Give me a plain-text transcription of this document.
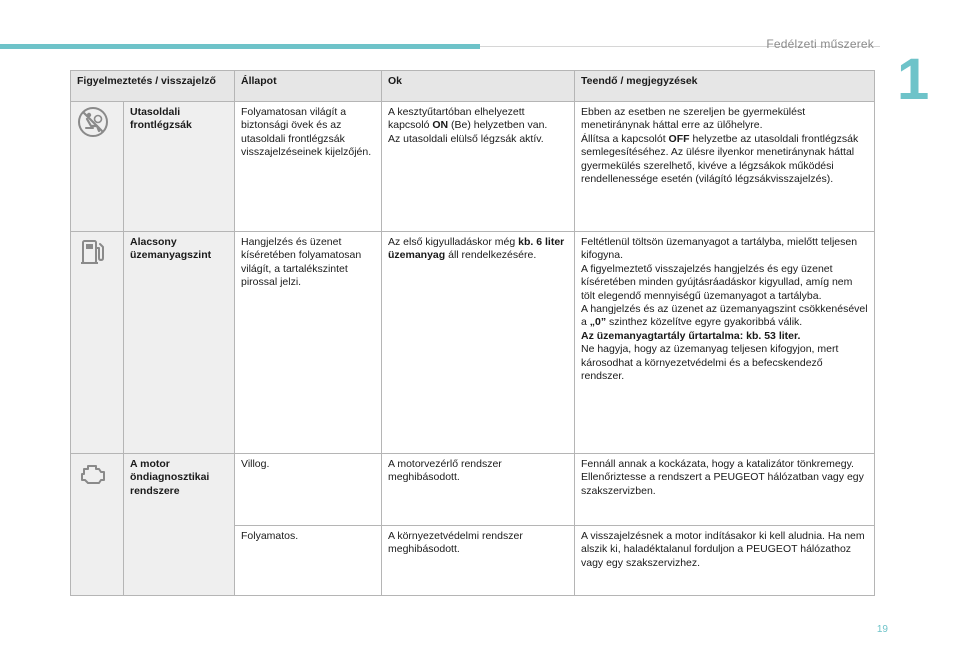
Fedélzeti műszerek
1
Figyelmeztetés / visszajelző		Állapot	Ok	Teendő / megjegyzések

	Utasoldali frontlégzsák	Folyamatosan világít a biztonsági övek és az utasoldali frontlégzsák visszajelzéseinek kijelzőjén.	A kesztyűtartóban elhelyezett kapcsoló ON (Be) helyzetben van.
Az utasoldali elülső légzsák aktív.	Ebben az esetben ne szereljen be gyermekülést menetiránynak háttal erre az ülőhelyre.
Állítsa a kapcsolót OFF helyzetbe az utasoldali frontlégzsák semlegesítéséhez. Az ülésre ilyenkor menetiránynak háttal gyermekülés szerelhető, kivéve a légzsákok működési rendellenessége esetén (világító légzsákvisszajelzés).

	Alacsony üzemanyagszint	Hangjelzés és üzenet kíséretében folyamatosan világít, a tartalékszintet pirossal jelzi.	Az első kigyulladáskor még kb. 6 liter üzemanyag áll rendelkezésére.	Feltétlenül töltsön üzemanyagot a tartályba, mielőtt teljesen kifogyna.
A figyelmeztető visszajelzés hangjelzés és egy üzenet kíséretében minden gyújtásráadáskor kigyullad, amíg nem tölt elegendő mennyiségű üzemanyagot a tartályba.
A hangjelzés és az üzenet az üzemanyagszint csökkenésével a „0” szinthez közelítve egyre gyakoribbá válik.
Az üzemanyagtartály űrtartalma: kb. 53 liter.
Ne hagyja, hogy az üzemanyag teljesen kifogyjon, mert károsodhat a környezetvédelmi és a befecskendező rendszer.

	A motor öndiagnosztikai rendszere	Villog.	A motorvezérlő rendszer meghibásodott.	Fennáll annak a kockázata, hogy a katalizátor tönkremegy.
Ellenőriztesse a rendszert a PEUGEOT hálózatban vagy egy szakszervizben.

		Folyamatos.	A környezetvédelmi rendszer meghibásodott.	A visszajelzésnek a motor indításakor ki kell aludnia. Ha nem alszik ki, haladéktalanul forduljon a PEUGEOT hálózathoz vagy egy szakszervizhez.
19
